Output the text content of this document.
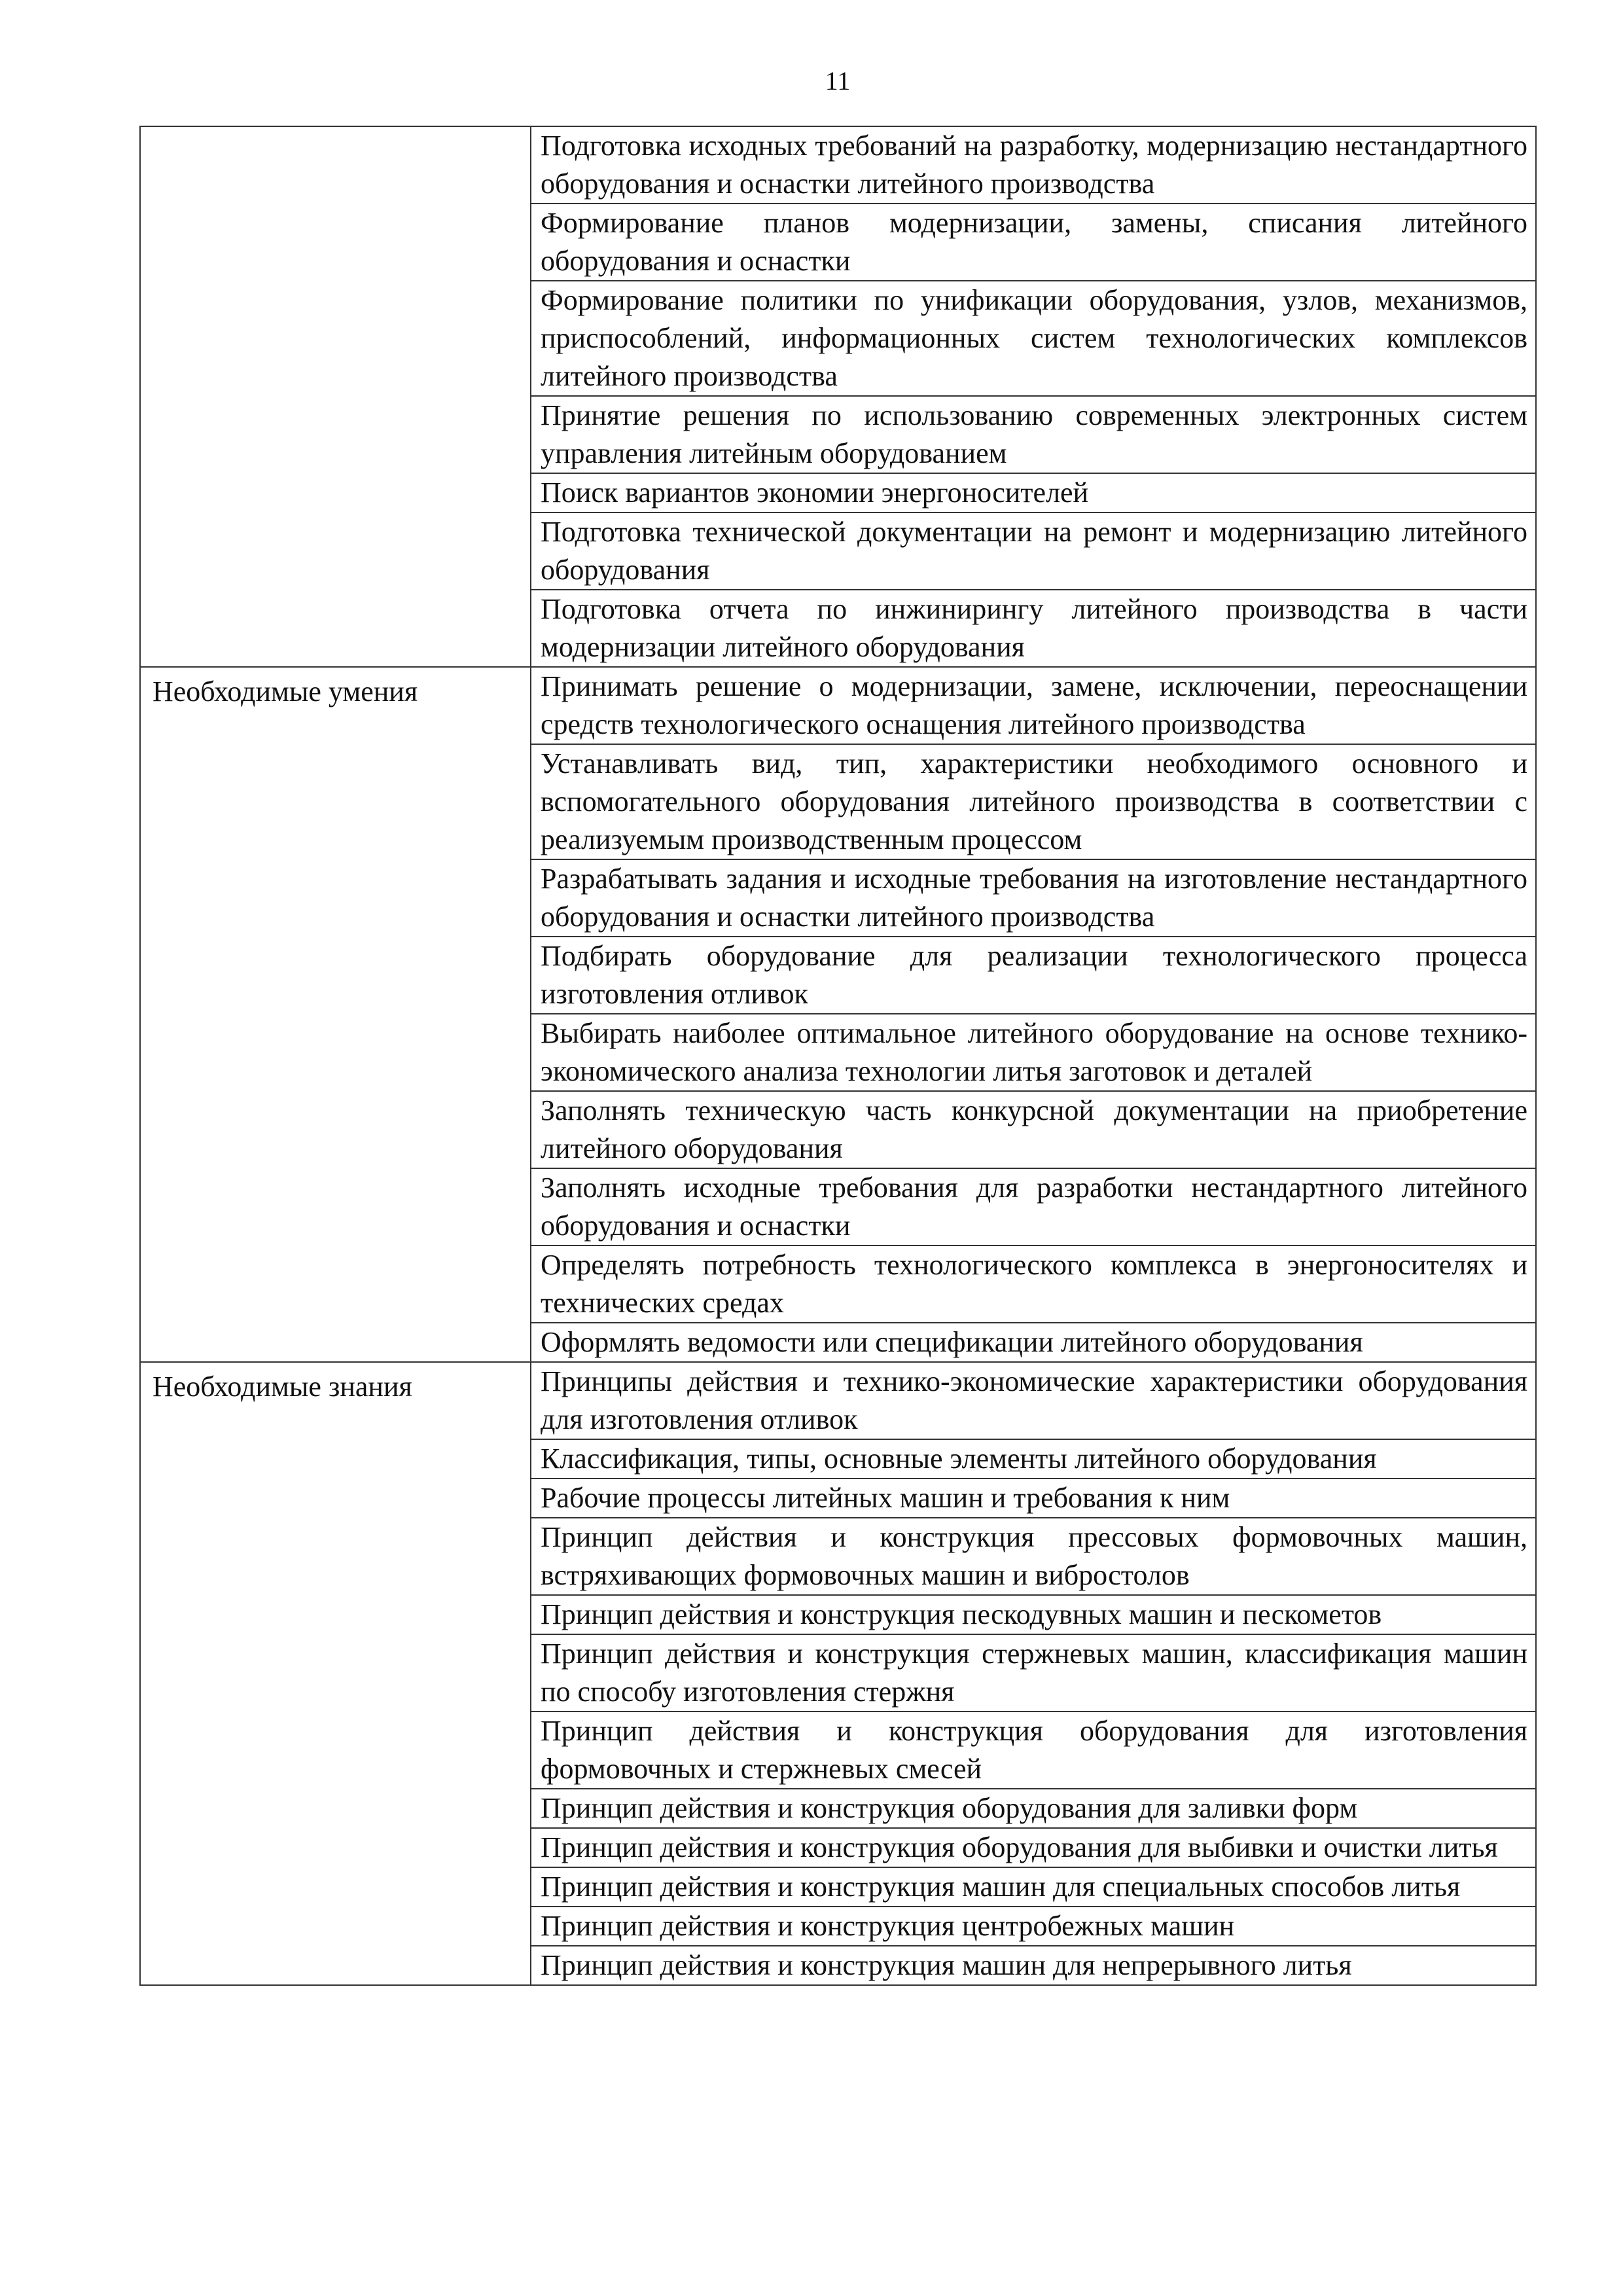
11
	Подготовка исходных требований на разработку, модернизацию нестандартного оборудования и оснастки литейного производства
	Формирование планов модернизации, замены, списания литейного оборудования и оснастки
	Формирование политики по унификации оборудования, узлов, механизмов, приспособлений, информационных систем технологических комплексов литейного производства
	Принятие решения по использованию современных электронных систем управления литейным оборудованием
	Поиск вариантов экономии энергоносителей
	Подготовка технической документации на ремонт и модернизацию литейного оборудования
	Подготовка отчета по инжинирингу литейного производства в части модернизации литейного оборудования
Необходимые умения	Принимать решение о модернизации, замене, исключении, переоснащении средств технологического оснащения литейного производства
	Устанавливать вид, тип, характеристики необходимого основного и вспомогательного оборудования литейного производства в соответствии с реализуемым производственным процессом
	Разрабатывать задания и исходные требования на изготовление нестандартного оборудования и оснастки литейного производства
	Подбирать оборудование для реализации технологического процесса изготовления отливок
	Выбирать наиболее оптимальное литейного оборудование на основе технико-экономического анализа технологии литья заготовок и деталей
	Заполнять техническую часть конкурсной документации на приобретение литейного оборудования
	Заполнять исходные требования для разработки нестандартного литейного оборудования и оснастки
	Определять потребность технологического комплекса в энергоносителях и технических средах
	Оформлять ведомости или спецификации литейного оборудования
Необходимые знания	Принципы действия и технико-экономические характеристики оборудования для изготовления отливок
	Классификация, типы, основные элементы литейного оборудования
	Рабочие процессы литейных машин и требования к ним
	Принцип действия и конструкция прессовых формовочных машин, встряхивающих формовочных машин и вибростолов
	Принцип действия и конструкция пескодувных машин и пескометов
	Принцип действия и конструкция стержневых машин, классификация машин по способу изготовления стержня
	Принцип действия и конструкция оборудования для изготовления формовочных и стержневых смесей
	Принцип действия и конструкция оборудования для заливки форм
	Принцип действия и конструкция оборудования для выбивки и очистки литья
	Принцип действия и конструкция машин для специальных способов литья
	Принцип действия и конструкция центробежных машин
	Принцип действия и конструкция машин для непрерывного литья
